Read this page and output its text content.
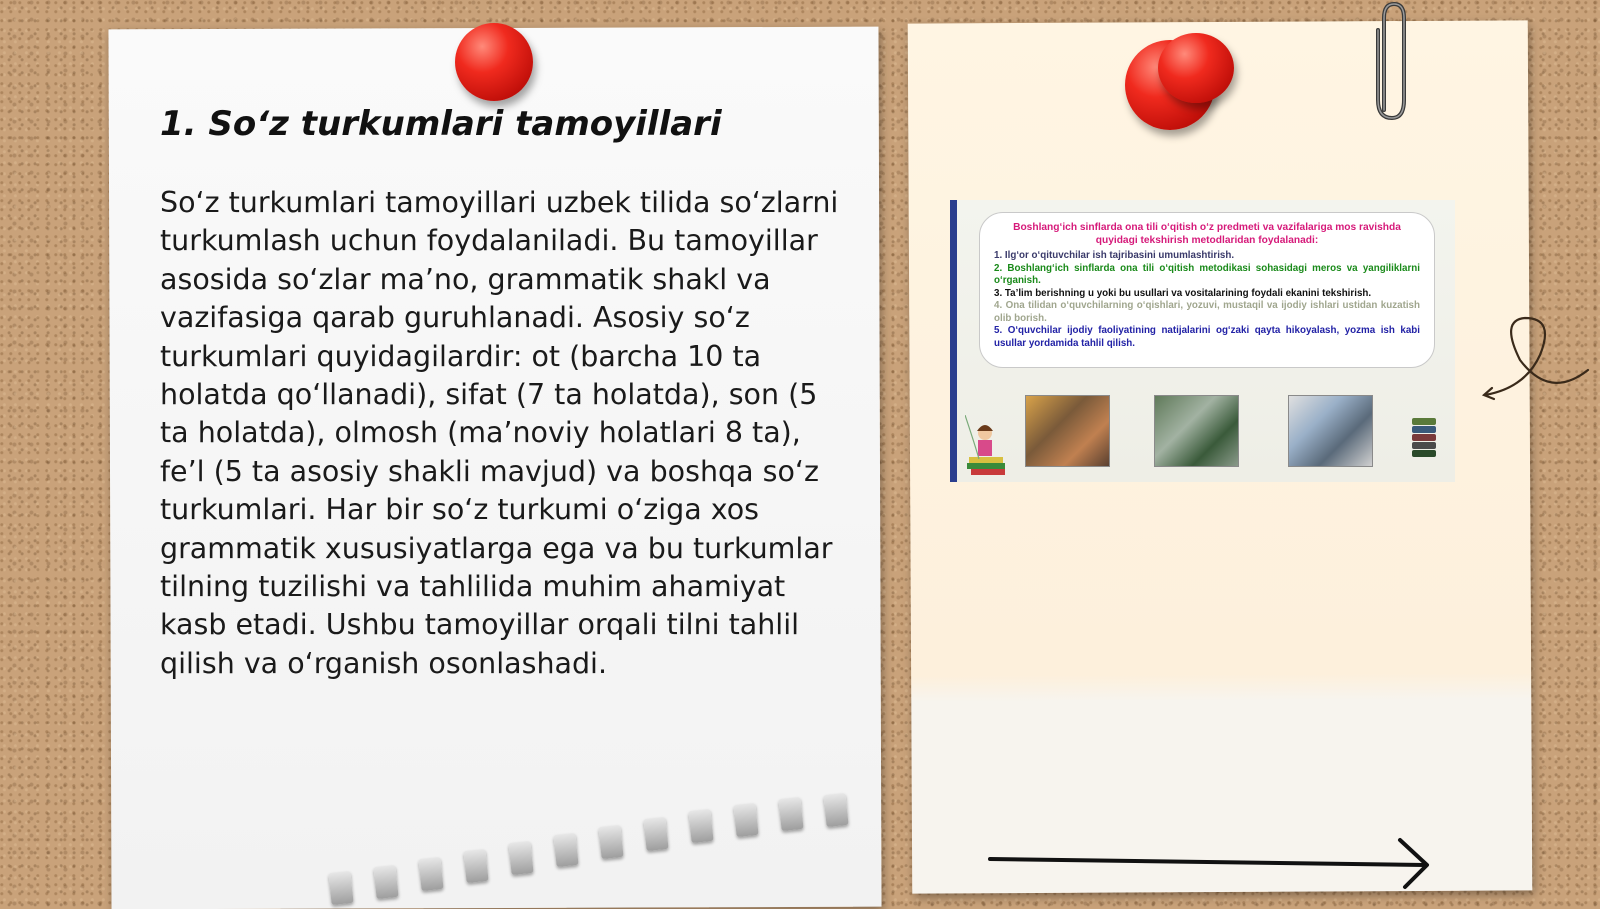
1. So‘z turkumlari tamoyillari

So‘z turkumlari tamoyillari uzbek tilida so‘zlarni turkumlash uchun foydalaniladi. Bu tamoyillar asosida so‘zlar ma’no, grammatik shakl va vazifasiga qarab guruhlanadi. Asosiy so‘z turkumlari quyidagilardir: ot (barcha 10 ta holatda qo‘llanadi), sifat (7 ta holatda), son (5 ta holatda), olmosh (ma’noviy holatlari 8 ta), fe’l (5 ta asosiy shakli mavjud) va boshqa so‘z turkumlari. Har bir so‘z turkumi o‘ziga xos grammatik xususiyatlarga ega va bu turkumlar tilning tuzilishi va tahlilida muhim ahamiyat kasb etadi. Ushbu tamoyillar orqali tilni tahlil qilish va o‘rganish osonlashadi.

Boshlang‘ich sinflarda ona tili o‘qitish o‘z predmeti va vazifalariga mos ravishda quyidagi tekshirish metodlaridan foydalanadi:
1. Ilg‘or o‘qituvchilar ish tajribasini umumlashtirish.
2. Boshlang‘ich sinflarda ona tili o‘qitish metodikasi sohasidagi meros va yangiliklarni o‘rganish.
3. Ta’lim berishning u yoki bu usullari va vositalarining foydali ekanini tekshirish.
4. Ona tilidan o‘quvchilarning o‘qishlari, yozuvi, mustaqil va ijodiy ishlari ustidan kuzatish olib borish.
5. O‘quvchilar ijodiy faoliyatining natijalarini og‘zaki qayta hikoyalash, yozma ish kabi usullar yordamida tahlil qilish.
